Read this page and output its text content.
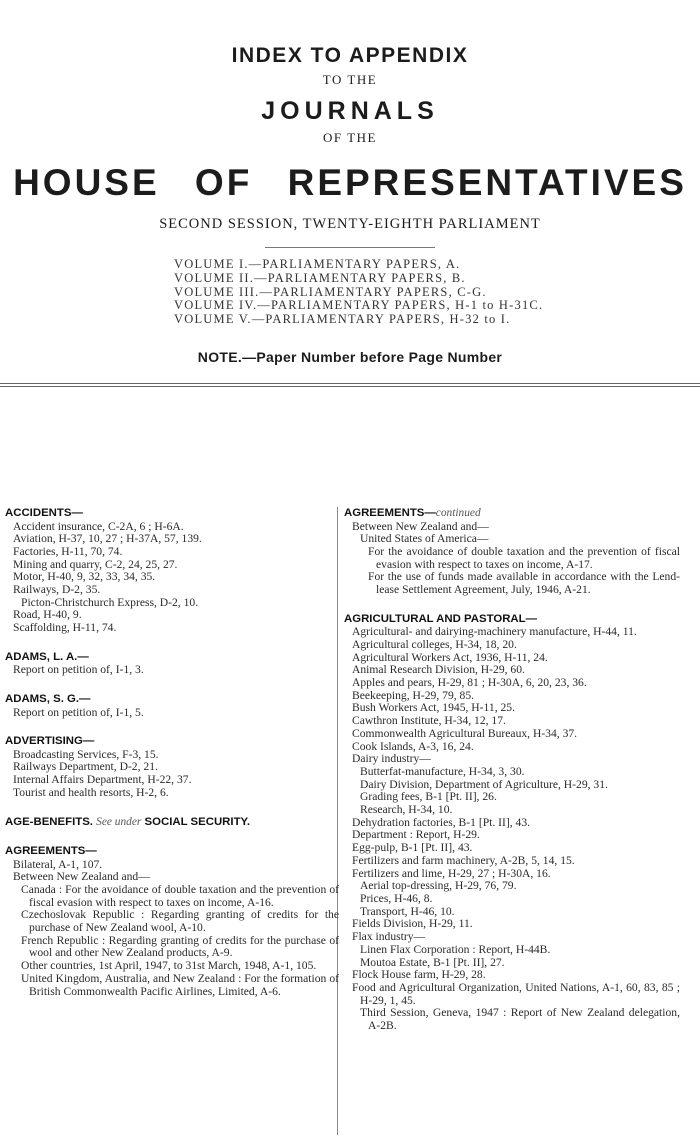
INDEX TO APPENDIX
TO THE
JOURNALS
OF THE
HOUSE OF REPRESENTATIVES
SECOND SESSION, TWENTY-EIGHTH PARLIAMENT
VOLUME I.—PARLIAMENTARY PAPERS, A.
VOLUME II.—PARLIAMENTARY PAPERS, B.
VOLUME III.—PARLIAMENTARY PAPERS, C-G.
VOLUME IV.—PARLIAMENTARY PAPERS, H-1 to H-31C.
VOLUME V.—PARLIAMENTARY PAPERS, H-32 to I.
NOTE.—Paper Number before Page Number
ACCIDENTS—
Accident insurance, C-2A, 6 ; H-6A.
Aviation, H-37, 10, 27 ; H-37A, 57, 139.
Factories, H-11, 70, 74.
Mining and quarry, C-2, 24, 25, 27.
Motor, H-40, 9, 32, 33, 34, 35.
Railways, D-2, 35.
Picton-Christchurch Express, D-2, 10.
Road, H-40, 9.
Scaffolding, H-11, 74.
ADAMS, L. A.—
Report on petition of, I-1, 3.
ADAMS, S. G.—
Report on petition of, I-1, 5.
ADVERTISING—
Broadcasting Services, F-3, 15.
Railways Department, D-2, 21.
Internal Affairs Department, H-22, 37.
Tourist and health resorts, H-2, 6.
AGE-BENEFITS. See under SOCIAL SECURITY.
AGREEMENTS—
Bilateral, A-1, 107.
Between New Zealand and—
Canada : For the avoidance of double taxation and the prevention of fiscal evasion with respect to taxes on income, A-16.
Czechoslovak Republic : Regarding granting of credits for the purchase of New Zealand wool, A-10.
French Republic : Regarding granting of credits for the purchase of wool and other New Zealand products, A-9.
Other countries, 1st April, 1947, to 31st March, 1948, A-1, 105.
United Kingdom, Australia, and New Zealand : For the formation of British Commonwealth Pacific Airlines, Limited, A-6.
AGREEMENTS—continued
Between New Zealand and—
United States of America—
For the avoidance of double taxation and the prevention of fiscal evasion with respect to taxes on income, A-17.
For the use of funds made available in accordance with the Lend-lease Settlement Agreement, July, 1946, A-21.
AGRICULTURAL AND PASTORAL—
Agricultural- and dairying-machinery manufacture, H-44, 11.
Agricultural colleges, H-34, 18, 20.
Agricultural Workers Act, 1936, H-11, 24.
Animal Research Division, H-29, 60.
Apples and pears, H-29, 81 ; H-30A, 6, 20, 23, 36.
Beekeeping, H-29, 79, 85.
Bush Workers Act, 1945, H-11, 25.
Cawthron Institute, H-34, 12, 17.
Commonwealth Agricultural Bureaux, H-34, 37.
Cook Islands, A-3, 16, 24.
Dairy industry—
Butterfat-manufacture, H-34, 3, 30.
Dairy Division, Department of Agriculture, H-29, 31.
Grading fees, B-1 [Pt. II], 26.
Research, H-34, 10.
Dehydration factories, B-1 [Pt. II], 43.
Department : Report, H-29.
Egg-pulp, B-1 [Pt. II], 43.
Fertilizers and farm machinery, A-2B, 5, 14, 15.
Fertilizers and lime, H-29, 27 ; H-30A, 16.
Aerial top-dressing, H-29, 76, 79.
Prices, H-46, 8.
Transport, H-46, 10.
Fields Division, H-29, 11.
Flax industry—
Linen Flax Corporation : Report, H-44B.
Moutoa Estate, B-1 [Pt. II], 27.
Flock House farm, H-29, 28.
Food and Agricultural Organization, United Nations, A-1, 60, 83, 85 ; H-29, 1, 45.
Third Session, Geneva, 1947 : Report of New Zealand delegation, A-2B.
